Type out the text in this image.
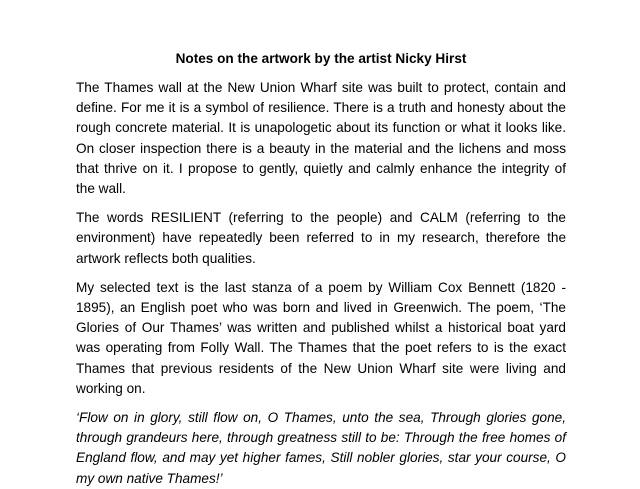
Notes on the artwork by the artist Nicky Hirst

The Thames wall at the New Union Wharf site was built to protect, contain and define. For me it is a symbol of resilience. There is a truth and honesty about the rough concrete material. It is unapologetic about its function or what it looks like. On closer inspection there is a beauty in the material and the lichens and moss that thrive on it. I propose to gently, quietly and calmly enhance the integrity of the wall.

The words RESILIENT (referring to the people) and CALM (referring to the environment) have repeatedly been referred to in my research, therefore the artwork reflects both qualities.

My selected text is the last stanza of a poem by William Cox Bennett (1820 - 1895), an English poet who was born and lived in Greenwich. The poem, ‘The Glories of Our Thames’ was written and published whilst a historical boat yard was operating from Folly Wall. The Thames that the poet refers to is the exact Thames that previous residents of the New Union Wharf site were living and working on.

‘Flow on in glory, still flow on, O Thames, unto the sea, Through glories gone, through grandeurs here, through greatness still to be: Through the free homes of England flow, and may yet higher fames, Still nobler glories, star your course, O my own native Thames!’
